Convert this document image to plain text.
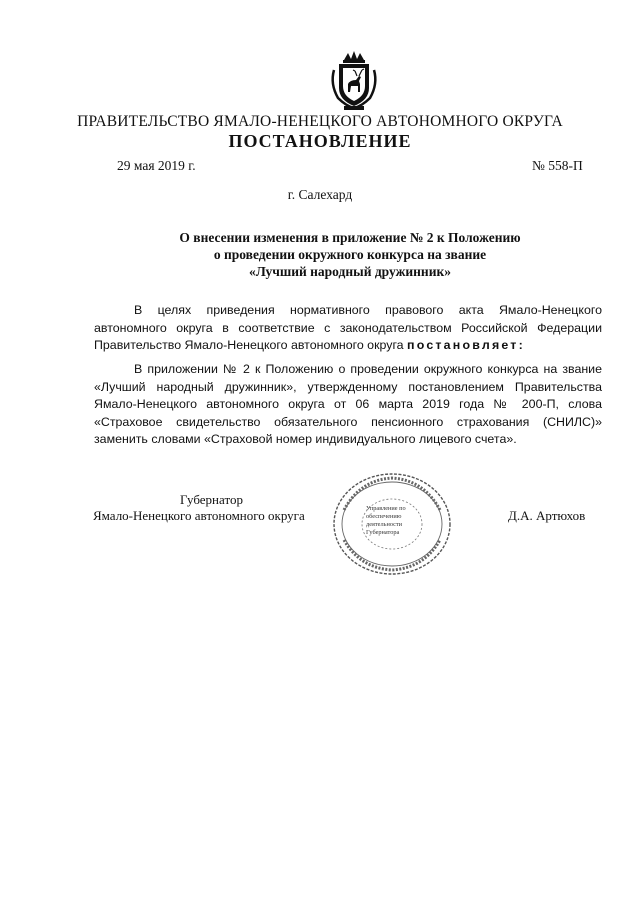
ПРАВИТЕЛЬСТВО ЯМАЛО-НЕНЕЦКОГО АВТОНОМНОГО ОКРУГА
ПОСТАНОВЛЕНИЕ
29 мая 2019 г.	№ 558-П
г. Салехард
О внесении изменения в приложение № 2 к Положению
о проведении окружного конкурса на звание
«Лучший народный дружинник»
В целях приведения нормативного правового акта Ямало-Ненецкого автономного округа в соответствие с законодательством Российской Федерации Правительство Ямало-Ненецкого автономного округа постановляет:
В приложении № 2 к Положению о проведении окружного конкурса на звание «Лучший народный дружинник», утвержденному постановлением Правительства Ямало-Ненецкого автономного округа от 06 марта 2019 года № 200-П, слова «Страховое свидетельство обязательного пенсионного страхования (СНИЛС)» заменить словами «Страховой номер индивидуального лицевого счета».
Губернатор
Ямало-Ненецкого автономного округа	Д.А. Артюхов
Управление по обеспечению деятельности Губернатора
